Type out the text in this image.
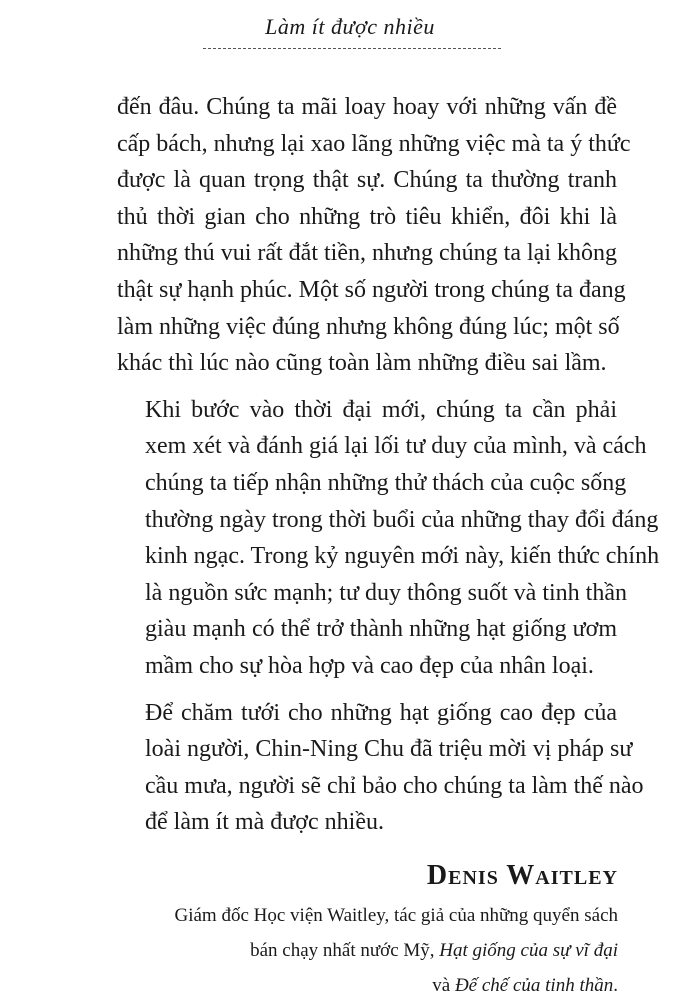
Làm ít được nhiều

đến đâu. Chúng ta mãi loay hoay với những vấn đề
cấp bách, nhưng lại xao lãng những việc mà ta ý thức
được là quan trọng thật sự. Chúng ta thường tranh
thủ thời gian cho những trò tiêu khiển, đôi khi là
những thú vui rất đắt tiền, nhưng chúng ta lại không
thật sự hạnh phúc. Một số người trong chúng ta đang
làm những việc đúng nhưng không đúng lúc; một số
khác thì lúc nào cũng toàn làm những điều sai lầm.

Khi bước vào thời đại mới, chúng ta cần phải
xem xét và đánh giá lại lối tư duy của mình, và cách
chúng ta tiếp nhận những thử thách của cuộc sống
thường ngày trong thời buổi của những thay đổi đáng
kinh ngạc. Trong kỷ nguyên mới này, kiến thức chính
là nguồn sức mạnh; tư duy thông suốt và tinh thần
giàu mạnh có thể trở thành những hạt giống ươm
mầm cho sự hòa hợp và cao đẹp của nhân loại.

Để chăm tưới cho những hạt giống cao đẹp của
loài người, Chin-Ning Chu đã triệu mời vị pháp sư
cầu mưa, người sẽ chỉ bảo cho chúng ta làm thế nào
để làm ít mà được nhiều.

Denis Waitley
Giám đốc Học viện Waitley, tác giả của những quyển sách
bán chạy nhất nước Mỹ, Hạt giống của sự vĩ đại
và Đế chế của tinh thần.
